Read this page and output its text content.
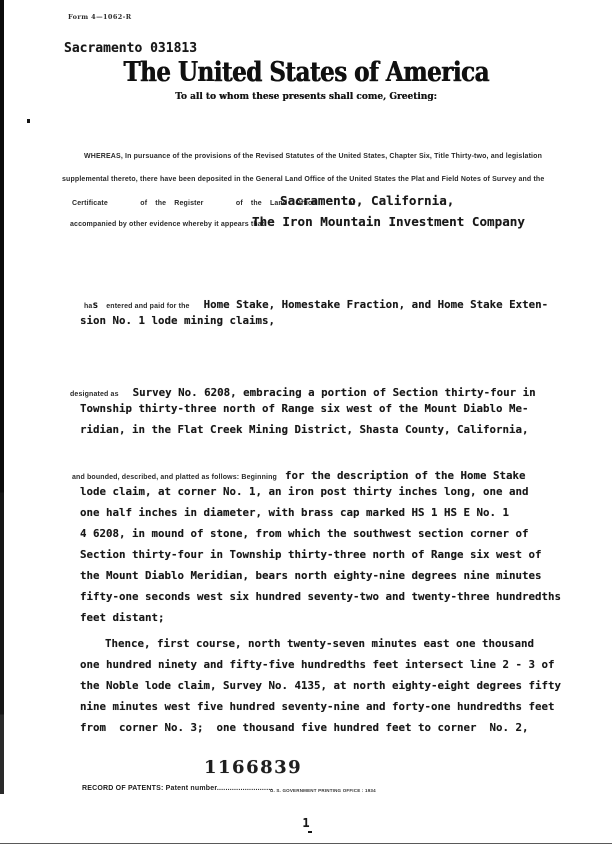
Form 4—1062-R
Sacramento 031813
The United States of America
To all to whom these presents shall come, Greeting:
WHEREAS, In pursuance of the provisions of the Revised Statutes of the United States, Chapter Six, Title Thirty-two, and legislation
supplemental thereto, there have been deposited in the General Land Office of the United States the Plat and Field Notes of Survey and the
Certificate    of the Register    of the Land Office    at
Sacramento, California,
accompanied by other evidence whereby it appears that
The Iron Mountain Investment Company
has entered and paid for the Home Stake, Homestake Fraction, and Home Stake Exten-
sion No. 1 lode mining claims,
designated as Survey No. 6208, embracing a portion of Section thirty-four in
Township thirty-three north of Range six west of the Mount Diablo Me-
ridian, in the Flat Creek Mining District, Shasta County, California,
and bounded, described, and platted as follows: Beginning for the description of the Home Stake
lode claim, at corner No. 1, an iron post thirty inches long, one and
one half inches in diameter, with brass cap marked HS 1 HS E No. 1
4 6208, in mound of stone, from which the southwest section corner of
Section thirty-four in Township thirty-three north of Range six west of
the Mount Diablo Meridian, bears north eighty-nine degrees nine minutes
fifty-one seconds west six hundred seventy-two and twenty-three hundredths
feet distant;
Thence, first course, north twenty-seven minutes east one thousand
one hundred ninety and fifty-five hundredths feet intersect line 2 - 3 of
the Noble lode claim, Survey No. 4135, at north eighty-eight degrees fifty
nine minutes west five hundred seventy-nine and forty-one hundredths feet
from  corner No. 3;  one thousand five hundred feet to corner  No. 2,
1166839
RECORD OF PATENTS: Patent number..........................
U. S. GOVERNMENT PRINTING OFFICE : 1934
1
